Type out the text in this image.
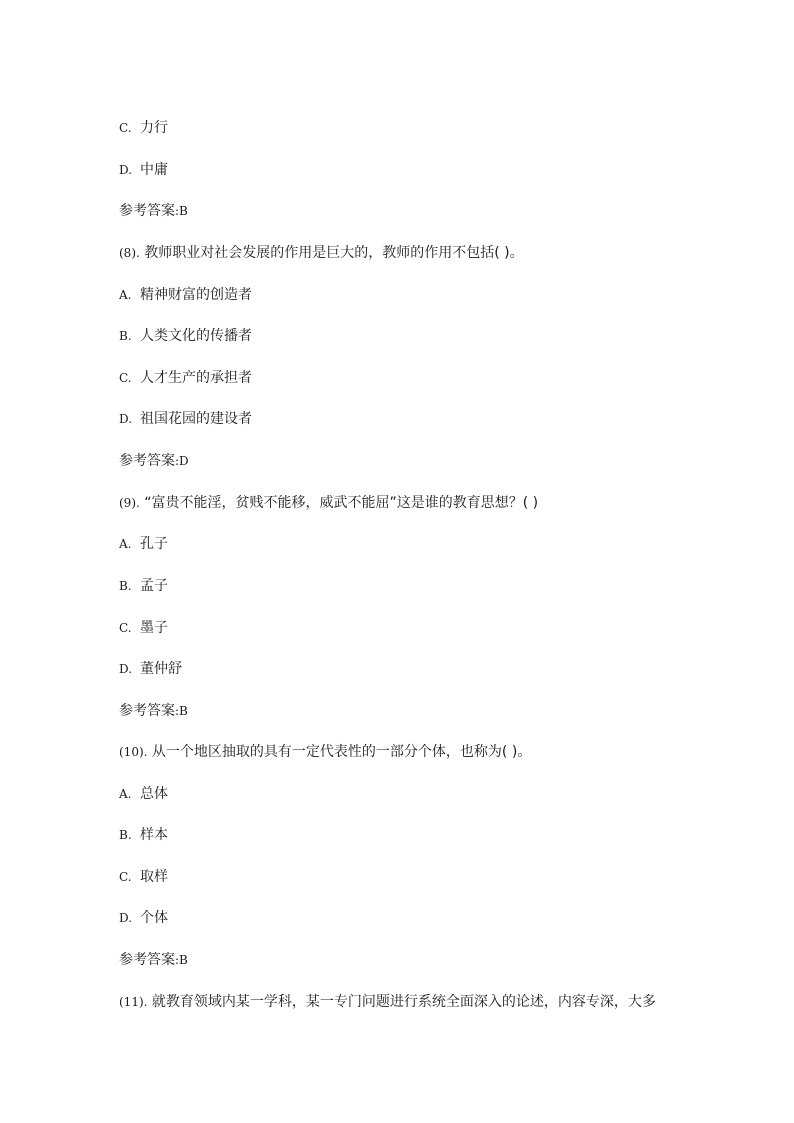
C. 力行
D. 中庸
参考答案:B
(8). 教师职业对社会发展的作用是巨大的，教师的作用不包括( )。
A. 精神财富的创造者
B. 人类文化的传播者
C. 人才生产的承担者
D. 祖国花园的建设者
参考答案:D
(9). “富贵不能淫，贫贱不能移，威武不能屈”这是谁的教育思想？( )
A. 孔子
B. 孟子
C. 墨子
D. 董仲舒
参考答案:B
(10). 从一个地区抽取的具有一定代表性的一部分个体，也称为( )。
A. 总体
B. 样本
C. 取样
D. 个体
参考答案:B
(11). 就教育领域内某一学科，某一专门问题进行系统全面深入的论述，内容专深，大多
